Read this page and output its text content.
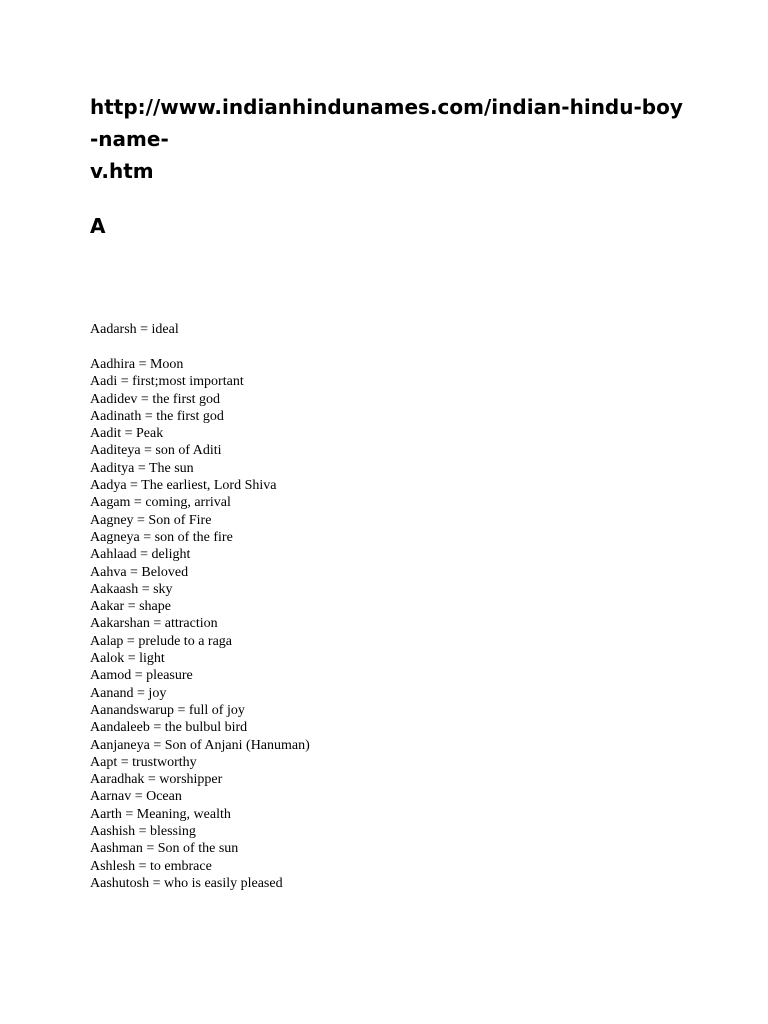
http://www.indianhindunames.com/indian-hindu-boy-name-
v.htm
A

Aadarsh = ideal

Aadhira = Moon
Aadi = first;most important
Aadidev = the first god
Aadinath = the first god
Aadit = Peak
Aaditeya = son of Aditi
Aaditya = The sun
Aadya = The earliest, Lord Shiva
Aagam = coming, arrival
Aagney = Son of Fire
Aagneya = son of the fire
Aahlaad = delight
Aahva = Beloved
Aakaash = sky
Aakar = shape
Aakarshan = attraction
Aalap = prelude to a raga
Aalok = light
Aamod = pleasure
Aanand = joy
Aanandswarup = full of joy
Aandaleeb = the bulbul bird
Aanjaneya = Son of Anjani (Hanuman)
Aapt = trustworthy
Aaradhak = worshipper
Aarnav = Ocean
Aarth = Meaning, wealth
Aashish = blessing
Aashman = Son of the sun
Ashlesh = to embrace
Aashutosh = who is easily pleased
